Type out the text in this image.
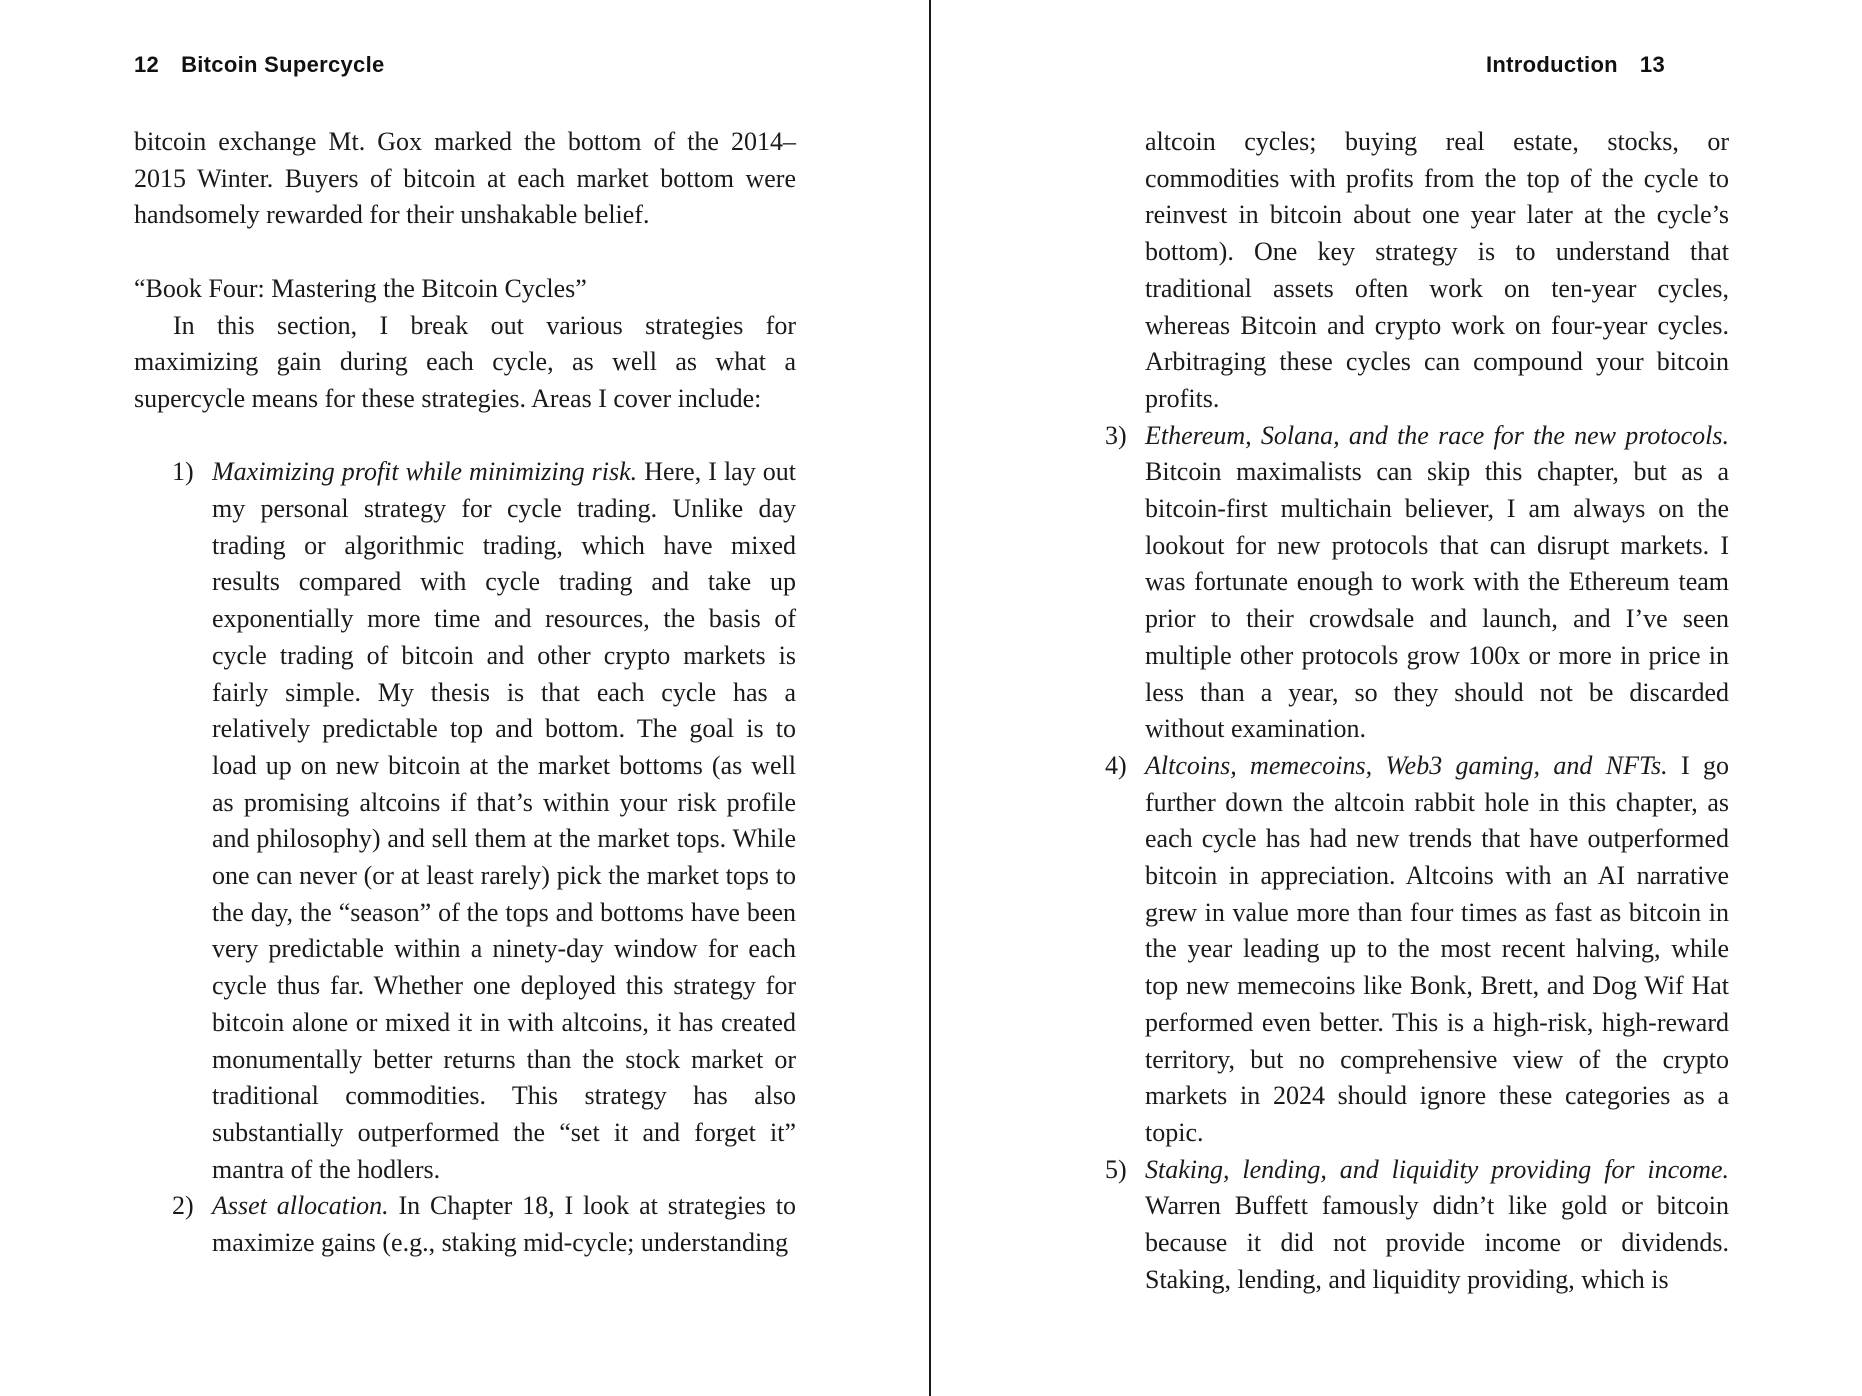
12 Bitcoin Supercycle

bitcoin exchange Mt. Gox marked the bottom of the 2014–2015 Winter. Buyers of bitcoin at each market bottom were handsomely rewarded for their unshakable belief.

“Book Four: Mastering the Bitcoin Cycles”

In this section, I break out various strategies for maximizing gain during each cycle, as well as what a supercycle means for these strategies. Areas I cover include:

1) Maximizing profit while minimizing risk. Here, I lay out my personal strategy for cycle trading. Unlike day trading or algorithmic trading, which have mixed results compared with cycle trading and take up exponentially more time and resources, the basis of cycle trading of bitcoin and other crypto markets is fairly simple. My thesis is that each cycle has a relatively predictable top and bottom. The goal is to load up on new bitcoin at the market bottoms (as well as promising altcoins if that’s within your risk profile and philosophy) and sell them at the market tops. While one can never (or at least rarely) pick the market tops to the day, the “season” of the tops and bottoms have been very predictable within a ninety-day window for each cycle thus far. Whether one deployed this strategy for bitcoin alone or mixed it in with altcoins, it has created monumentally better returns than the stock market or traditional commodities. This strategy has also substantially outperformed the “set it and forget it” mantra of the hodlers.
2) Asset allocation. In Chapter 18, I look at strategies to maximize gains (e.g., staking mid-cycle; understanding
Introduction 13

altcoin cycles; buying real estate, stocks, or commodities with profits from the top of the cycle to reinvest in bitcoin about one year later at the cycle’s bottom). One key strategy is to understand that traditional assets often work on ten-year cycles, whereas Bitcoin and crypto work on four-year cycles. Arbitraging these cycles can compound your bitcoin profits.

3) Ethereum, Solana, and the race for the new protocols. Bitcoin maximalists can skip this chapter, but as a bitcoin-first multichain believer, I am always on the lookout for new protocols that can disrupt markets. I was fortunate enough to work with the Ethereum team prior to their crowdsale and launch, and I’ve seen multiple other protocols grow 100x or more in price in less than a year, so they should not be discarded without examination.
4) Altcoins, memecoins, Web3 gaming, and NFTs. I go further down the altcoin rabbit hole in this chapter, as each cycle has had new trends that have outperformed bitcoin in appreciation. Altcoins with an AI narrative grew in value more than four times as fast as bitcoin in the year leading up to the most recent halving, while top new memecoins like Bonk, Brett, and Dog Wif Hat performed even better. This is a high-risk, high-reward territory, but no comprehensive view of the crypto markets in 2024 should ignore these categories as a topic.
5) Staking, lending, and liquidity providing for income. Warren Buffett famously didn’t like gold or bitcoin because it did not provide income or dividends. Staking, lending, and liquidity providing, which is
